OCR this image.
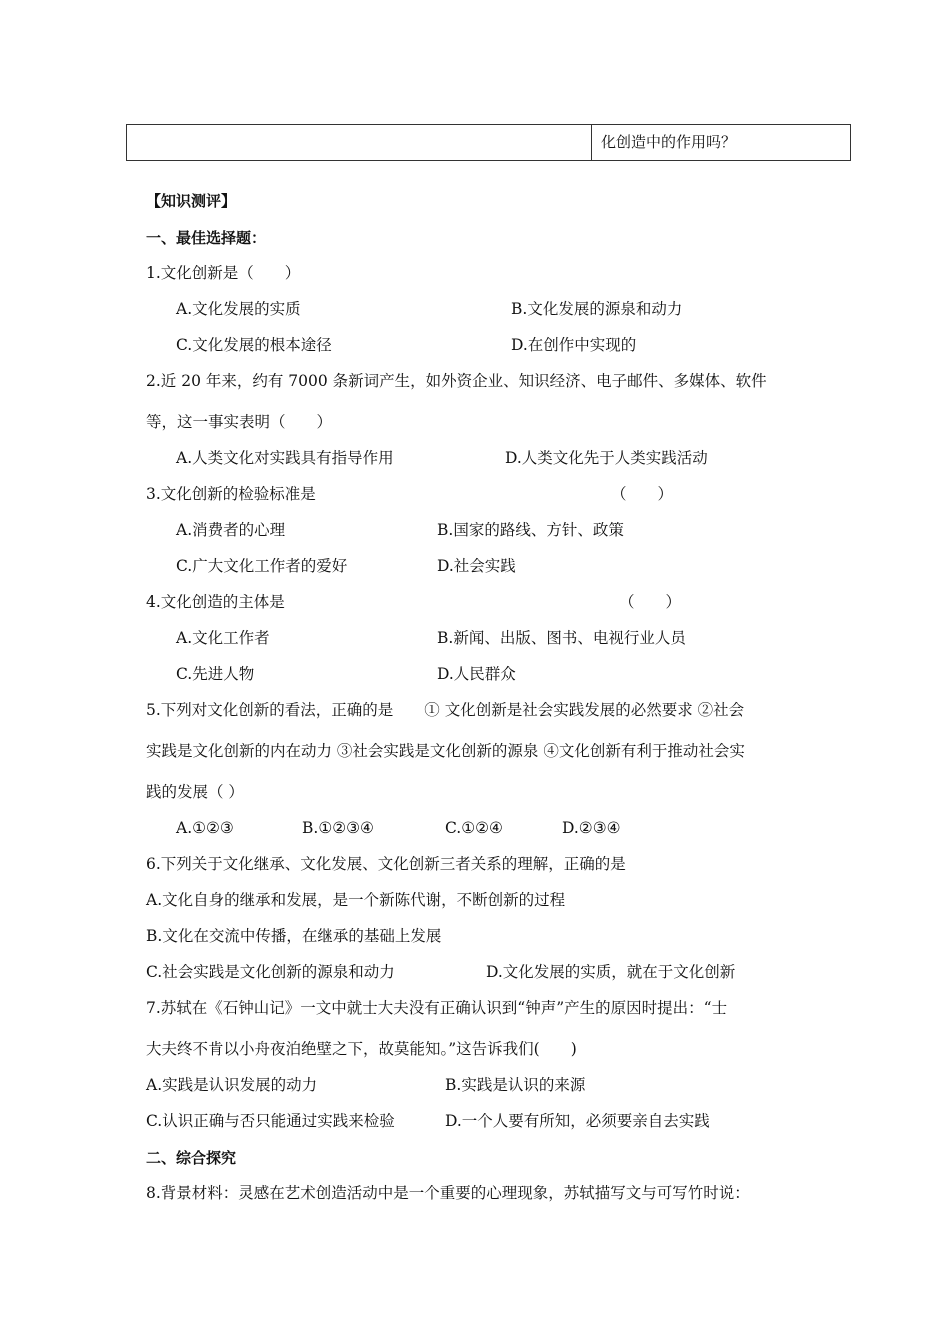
化创造中的作用吗？
【知识测评】
一、最佳选择题：
1.文化创新是（　　）
A.文化发展的实质	B.文化发展的源泉和动力
C.文化发展的根本途径	D.在创作中实现的
2.近 20 年来，约有 7000 条新词产生，如外资企业、知识经济、电子邮件、多媒体、软件
等，这一事实表明（　　）
A.人类文化对实践具有指导作用	D.人类文化先于人类实践活动
3.文化创新的检验标准是	（　　）
A.消费者的心理	B.国家的路线、方针、政策
C.广大文化工作者的爱好	D.社会实践
4.文化创造的主体是	（　　）
A.文化工作者	B.新闻、出版、图书、电视行业人员
C.先进人物	D.人民群众
5.下列对文化创新的看法，正确的是　　① 文化创新是社会实践发展的必然要求 ②社会
实践是文化创新的内在动力 ③社会实践是文化创新的源泉 ④文化创新有利于推动社会实
践的发展（ ）
A.①②③	B.①②③④	C.①②④	D.②③④
6.下列关于文化继承、文化发展、文化创新三者关系的理解，正确的是
A.文化自身的继承和发展，是一个新陈代谢，不断创新的过程
B.文化在交流中传播，在继承的基础上发展
C.社会实践是文化创新的源泉和动力	D.文化发展的实质，就在于文化创新
7.苏轼在《石钟山记》一文中就士大夫没有正确认识到“钟声”产生的原因时提出：“士
大夫终不肯以小舟夜泊绝壁之下，故莫能知。”这告诉我们(　　)
A.实践是认识发展的动力	B.实践是认识的来源
C.认识正确与否只能通过实践来检验	D.一个人要有所知，必须要亲自去实践
二、综合探究
8.背景材料：灵感在艺术创造活动中是一个重要的心理现象，苏轼描写文与可写竹时说：
